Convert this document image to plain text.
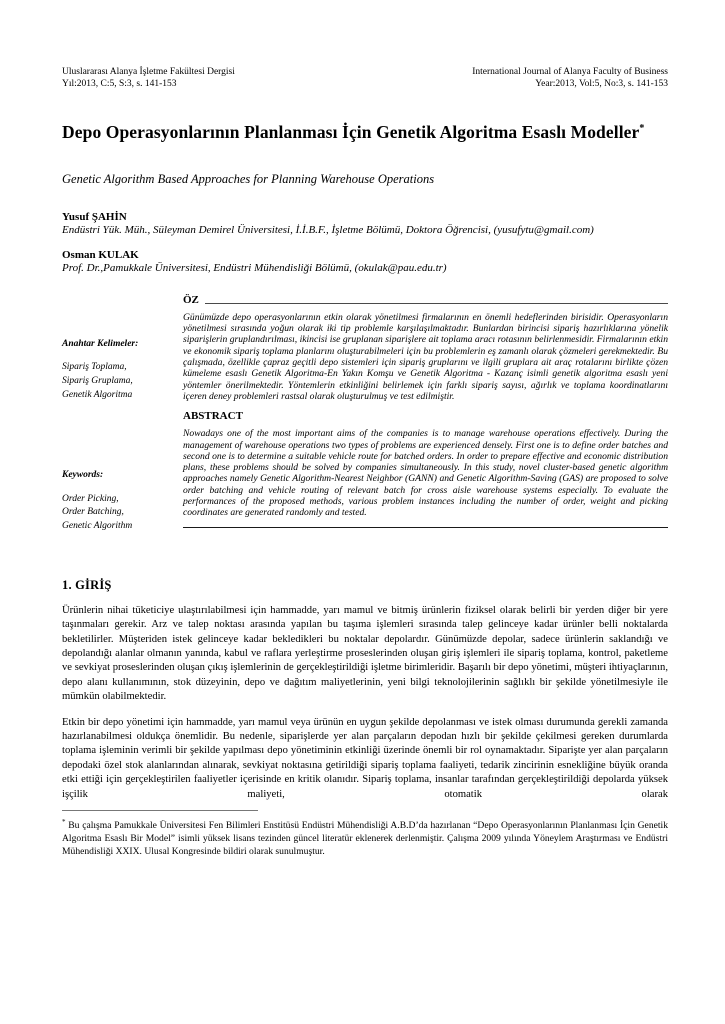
Uluslararası Alanya İşletme Fakültesi Dergisi
Yıl:2013, C:5, S:3, s. 141-153
International Journal of Alanya Faculty of Business
Year:2013, Vol:5, No:3, s. 141-153
Depo Operasyonlarının Planlanması İçin Genetik Algoritma Esaslı Modeller*
Genetic Algorithm Based Approaches for Planning Warehouse Operations
Yusuf ŞAHİN
Endüstri Yük. Müh., Süleyman Demirel Üniversitesi, İ.İ.B.F., İşletme Bölümü, Doktora Öğrencisi, (yusufytu@gmail.com)
Osman KULAK
Prof. Dr.,Pamukkale Üniversitesi, Endüstri Mühendisliği Bölümü, (okulak@pau.edu.tr)
Anahtar Kelimeler:
Sipariş Toplama,
Sipariş Gruplama,
Genetik Algoritma
Keywords:
Order Picking,
Order Batching,
Genetic Algorithm
ÖZ
Günümüzde depo operasyonlarının etkin olarak yönetilmesi firmalarının en önemli hedeflerinden birisidir. Operasyonların yönetilmesi sırasında yoğun olarak iki tip problemle karşılaşılmaktadır. Bunlardan birincisi sipariş hazırlıklarına yönelik siparişlerin gruplandırılması, ikincisi ise gruplanan siparişlere ait toplama aracı rotasının belirlenmesidir. Firmalarının etkin ve ekonomik sipariş toplama planlarını oluşturabilmeleri için bu problemlerin eş zamanlı olarak çözmeleri gerekmektedir. Bu çalışmada, özellikle çapraz geçitli depo sistemleri için sipariş gruplarını ve ilgili gruplara ait araç rotalarını birlikte çözen kümeleme esaslı Genetik Algoritma-En Yakın Komşu ve Genetik Algoritma - Kazanç isimli genetik algoritma esaslı yeni yöntemler önerilmektedir. Yöntemlerin etkinliğini belirlemek için farklı sipariş sayısı, ağırlık ve toplama koordinatlarını içeren deney problemleri rastsal olarak oluşturulmuş ve test edilmiştir.
ABSTRACT
Nowadays one of the most important aims of the companies is to manage warehouse operations effectively. During the management of warehouse operations two types of problems are experienced densely. First one is to define order batches and second one is to determine a suitable vehicle route for batched orders. In order to prepare effective and economic distribution plans, these problems should be solved by companies simultaneously. In this study, novel cluster-based genetic algorithm approaches namely Genetic Algorithm-Nearest Neighbor (GANN) and Genetic Algorithm-Saving (GAS) are proposed to solve order batching and vehicle routing of relevant batch for cross aisle warehouse systems especially. To evaluate the performances of the proposed methods, various problem instances including the number of order, weight and picking coordinates are generated randomly and tested.
1. GİRİŞ
Ürünlerin nihai tüketiciye ulaştırılabilmesi için hammadde, yarı mamul ve bitmiş ürünlerin fiziksel olarak belirli bir yerden diğer bir yere taşınmaları gerekir. Arz ve talep noktası arasında yapılan bu taşıma işlemleri sırasında talep gelinceye kadar ürünler belli noktalarda bekletilirler. Müşteriden istek gelinceye kadar bekledikleri bu noktalar depolardır. Günümüzde depolar, sadece ürünlerin saklandığı ve depolandığı alanlar olmanın yanında, kabul ve raflara yerleştirme proseslerinden oluşan giriş işlemleri ile sipariş toplama, kontrol, paketleme ve sevkiyat proseslerinden oluşan çıkış işlemlerinin de gerçekleştirildiği işletme birimleridir. Başarılı bir depo yönetimi, müşteri ihtiyaçlarının, depo alanı kullanımının, stok düzeyinin, depo ve dağıtım maliyetlerinin, yeni bilgi teknolojilerinin sağlıklı bir şekilde yönetilmesiyle ile mümkün olabilmektedir.
Etkin bir depo yönetimi için hammadde, yarı mamul veya ürünün en uygun şekilde depolanması ve istek olması durumunda gerekli zamanda hazırlanabilmesi oldukça önemlidir. Bu nedenle, siparişlerde yer alan parçaların depodan hızlı bir şekilde çekilmesi gereken durumlarda toplama işleminin verimli bir şekilde yapılması depo yönetiminin etkinliği üzerinde önemli bir rol oynamaktadır. Siparişte yer alan parçaların depodaki özel stok alanlarından alınarak, sevkiyat noktasına getirildiği sipariş toplama faaliyeti, tedarik zincirinin esnekliğine büyük oranda etki ettiği için gerçekleştirilen faaliyetler içerisinde en kritik olanıdır. Sipariş toplama, insanlar tarafından gerçekleştirildiği depolarda yüksek işçilik maliyeti, otomatik olarak
* Bu çalışma Pamukkale Üniversitesi Fen Bilimleri Enstitüsü Endüstri Mühendisliği A.B.D’da hazırlanan “Depo Operasyonlarının Planlanması İçin Genetik Algoritma Esaslı Bir Model” isimli yüksek lisans tezinden güncel literatür eklenerek derlenmiştir. Çalışma 2009 yılında Yöneylem Araştırması ve Endüstri Mühendisliği XXIX. Ulusal Kongresinde bildiri olarak sunulmuştur.
